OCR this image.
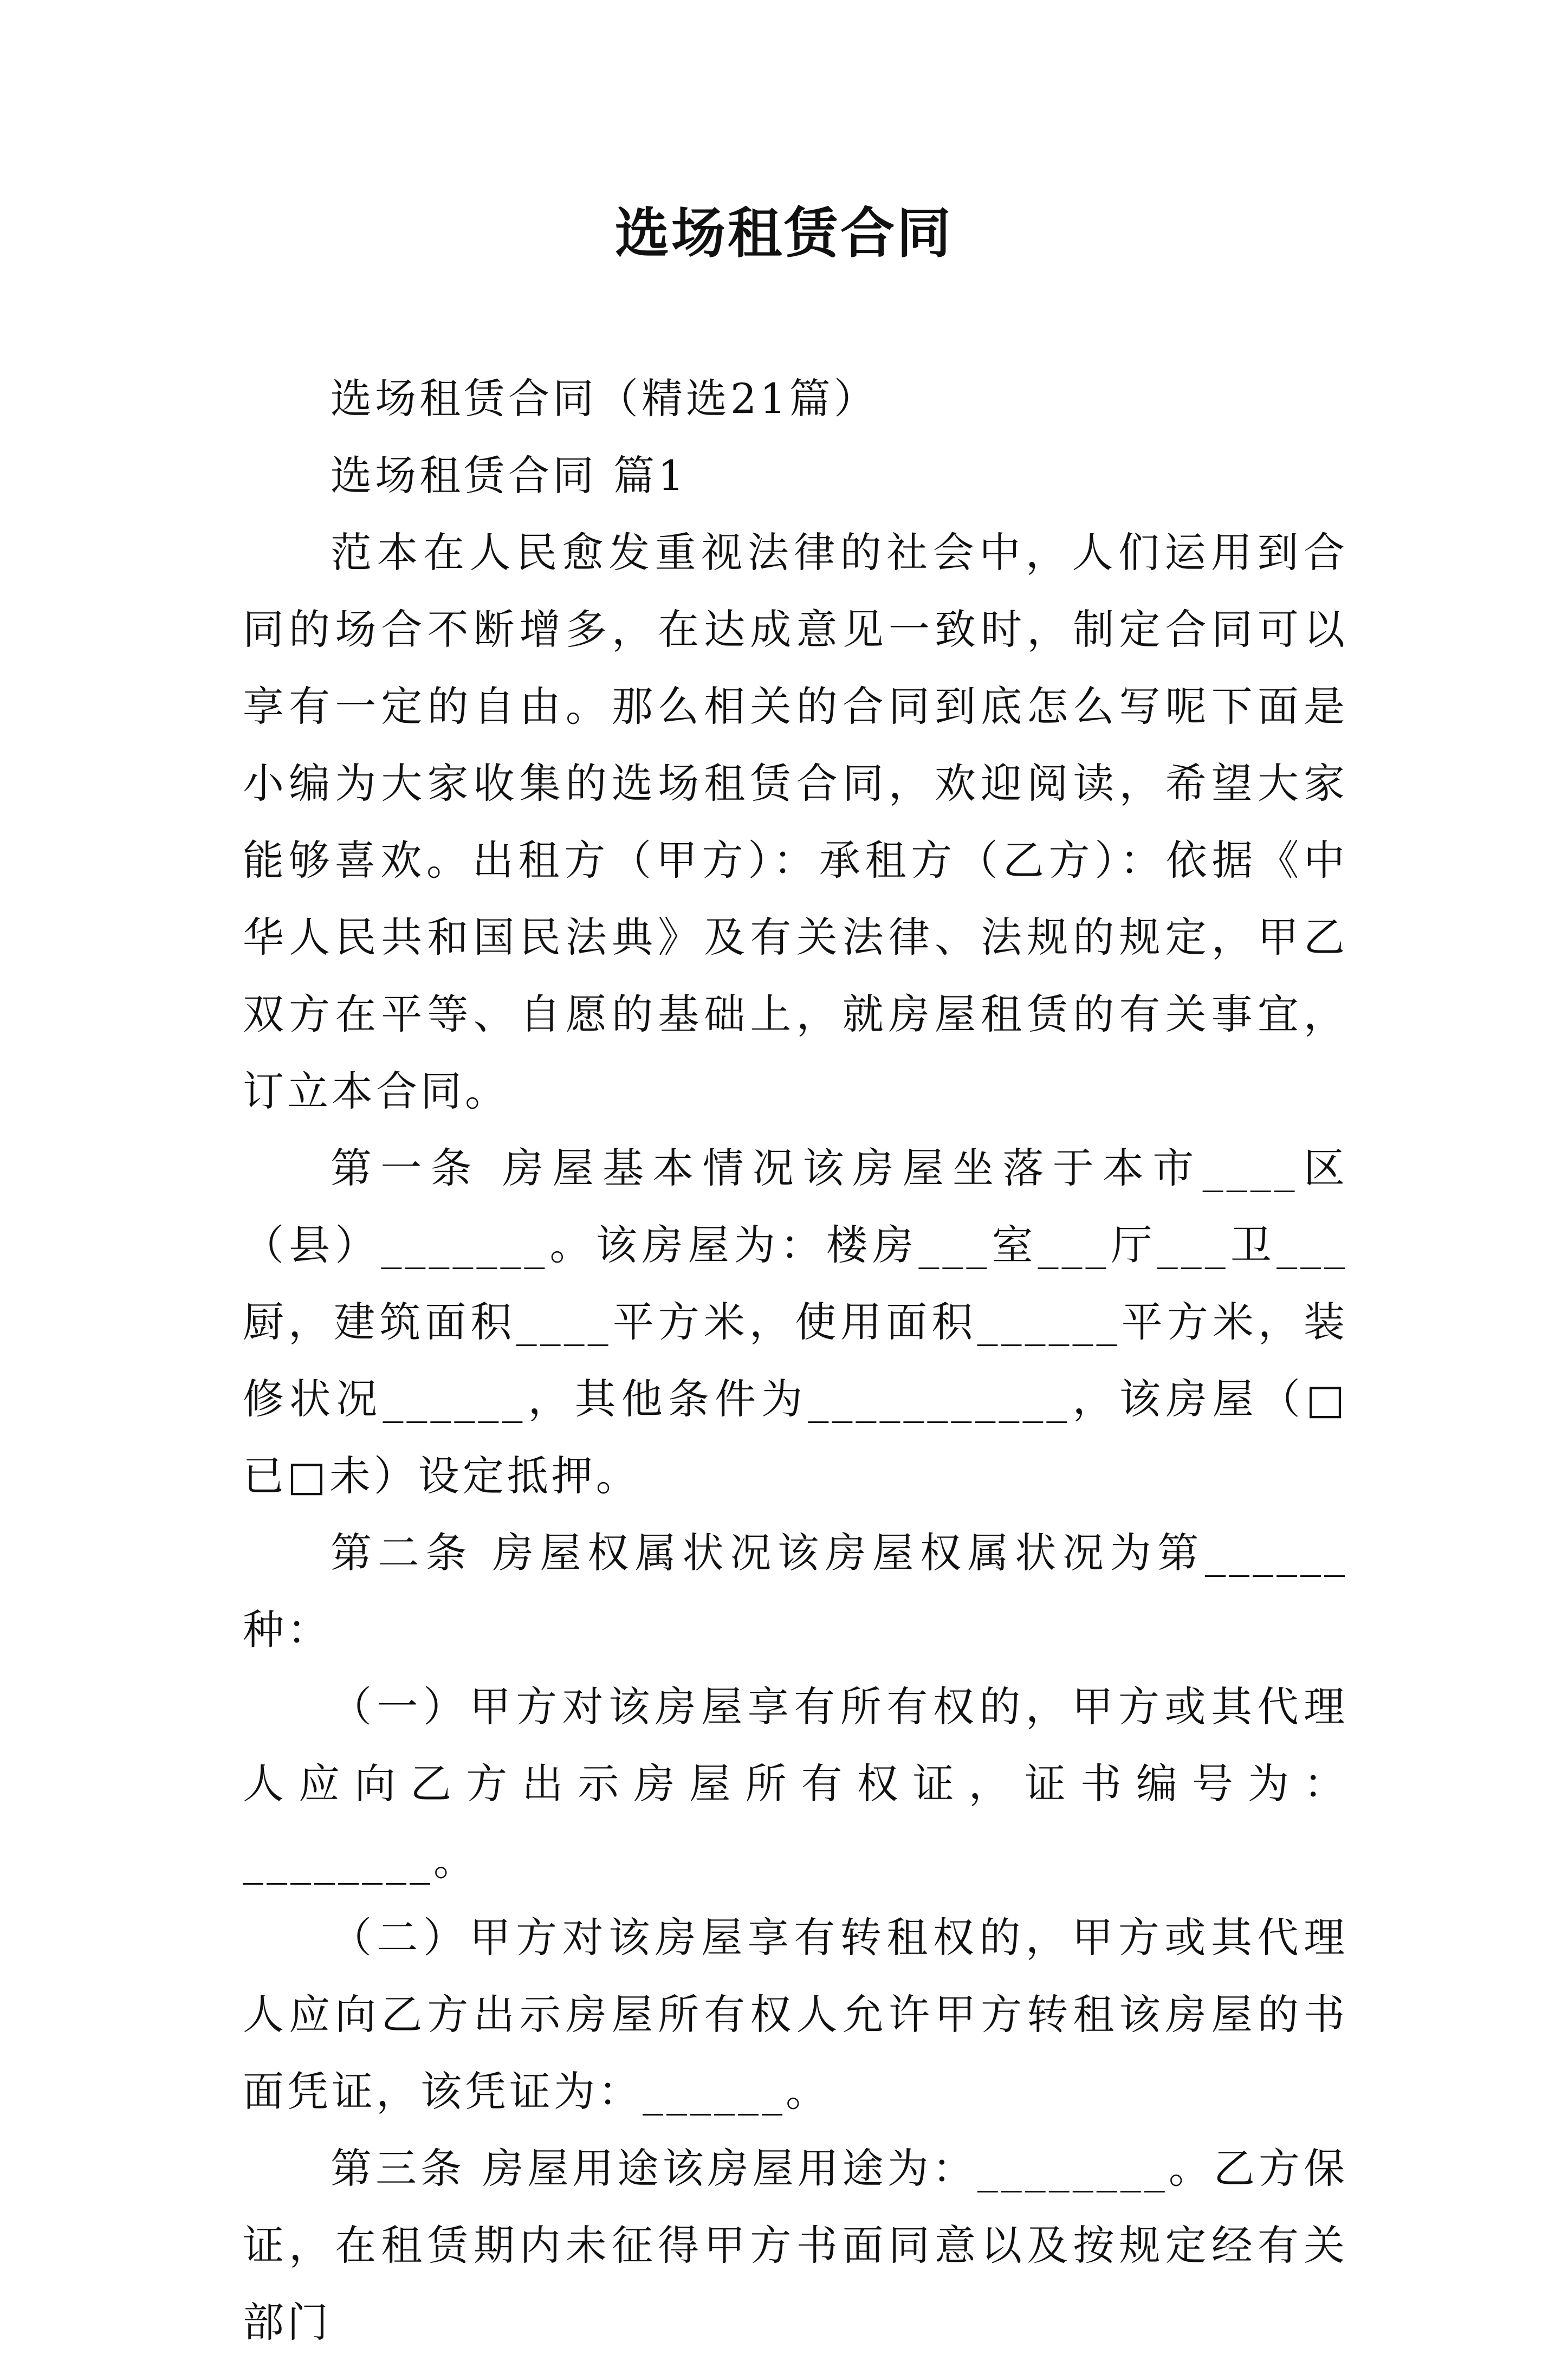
选场租赁合同

选场租赁合同（精选21篇）

选场租赁合同 篇1

范本在人民愈发重视法律的社会中，人们运用到合同的场合不断增多，在达成意见一致时，制定合同可以享有一定的自由。那么相关的合同到底怎么写呢下面是小编为大家收集的选场租赁合同，欢迎阅读，希望大家能够喜欢。出租方（甲方）：承租方（乙方）：依据《中华人民共和国民法典》及有关法律、法规的规定，甲乙双方在平等、自愿的基础上，就房屋租赁的有关事宜，订立本合同。

第一条 房屋基本情况该房屋坐落于本市____区（县）_______。该房屋为：楼房___室___厅___卫___厨，建筑面积____平方米，使用面积______平方米，装修状况______，其他条件为___________，该房屋（□已□未）设定抵押。

第二条 房屋权属状况该房屋权属状况为第______种：

（一）甲方对该房屋享有所有权的，甲方或其代理人应向乙方出示房屋所有权证，证书编号为：________。

（二）甲方对该房屋享有转租权的，甲方或其代理人应向乙方出示房屋所有权人允许甲方转租该房屋的书面凭证，该凭证为：______。

第三条 房屋用途该房屋用途为：________。乙方保证，在租赁期内未征得甲方书面同意以及按规定经有关部门
